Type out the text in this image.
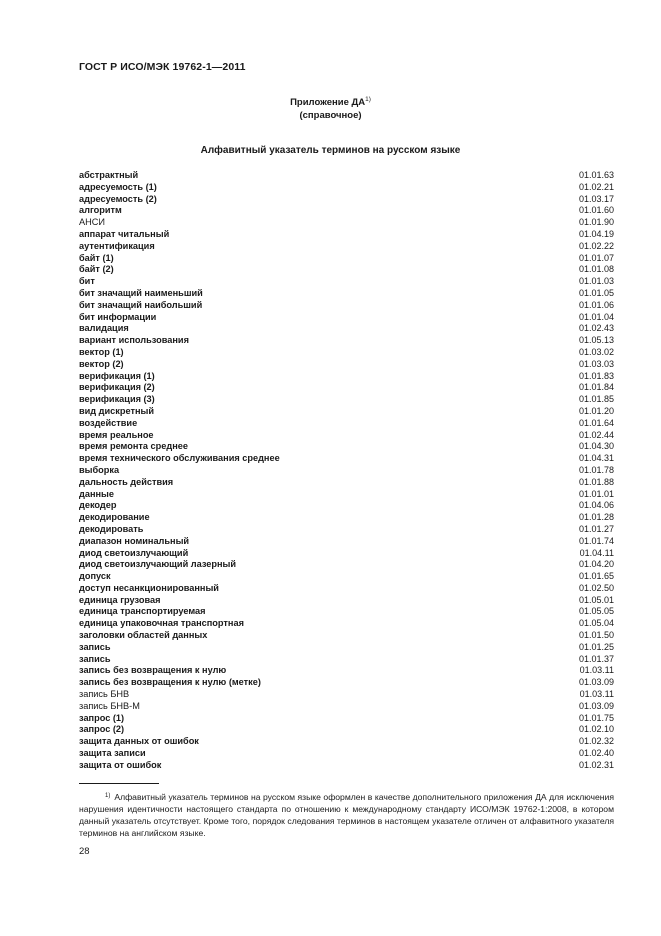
ГОСТ Р ИСО/МЭК 19762-1—2011
Приложение ДА$^{1)}$
(справочное)
Алфавитный указатель терминов на русском языке
абстрактный	01.01.63
адресуемость (1)	01.02.21
адресуемость (2)	01.03.17
алгоритм	01.01.60
АНСИ	01.01.90
аппарат читальный	01.04.19
аутентификация	01.02.22
байт (1)	01.01.07
байт (2)	01.01.08
бит	01.01.03
бит значащий наименьший	01.01.05
бит значащий наибольший	01.01.06
бит информации	01.01.04
валидация	01.02.43
вариант использования	01.05.13
вектор (1)	01.03.02
вектор (2)	01.03.03
верификация (1)	01.01.83
верификация (2)	01.01.84
верификация (3)	01.01.85
вид дискретный	01.01.20
воздействие	01.01.64
время реальное	01.02.44
время ремонта среднее	01.04.30
время технического обслуживания среднее	01.04.31
выборка	01.01.78
дальность действия	01.01.88
данные	01.01.01
декодер	01.04.06
декодирование	01.01.28
декодировать	01.01.27
диапазон номинальный	01.01.74
диод светоизлучающий	01.04.11
диод светоизлучающий лазерный	01.04.20
допуск	01.01.65
доступ несанкционированный	01.02.50
единица грузовая	01.05.01
единица транспортируемая	01.05.05
единица упаковочная транспортная	01.05.04
заголовки областей данных	01.01.50
запись	01.01.25
запись	01.01.37
запись без возвращения к нулю	01.03.11
запись без возвращения к нулю (метке)	01.03.09
запись БНВ	01.03.11
запись БНВ-М	01.03.09
запрос (1)	01.01.75
запрос (2)	01.02.10
защита данных от ошибок	01.02.32
защита записи	01.02.40
защита от ошибок	01.02.31
$^{1)}$ Алфавитный указатель терминов на русском языке оформлен в качестве дополнительного приложения ДА для исключения нарушения идентичности настоящего стандарта по отношению к международному стандарту ИСО/МЭК 19762-1:2008, в котором данный указатель отсутствует. Кроме того, порядок следования терминов в настоящем указателе отличен от алфавитного указателя терминов на английском языке.
28
